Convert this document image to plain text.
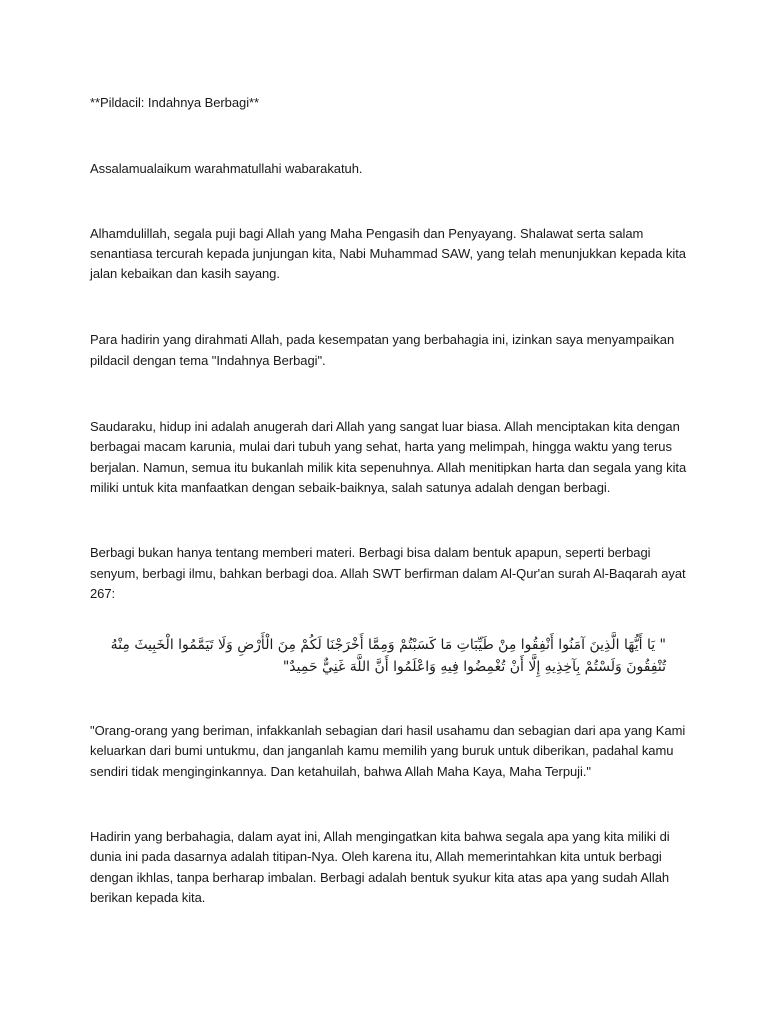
**Pildacil: Indahnya Berbagi**

Assalamualaikum warahmatullahi wabarakatuh.

Alhamdulillah, segala puji bagi Allah yang Maha Pengasih dan Penyayang. Shalawat serta salam senantiasa tercurah kepada junjungan kita, Nabi Muhammad SAW, yang telah menunjukkan kepada kita jalan kebaikan dan kasih sayang.

Para hadirin yang dirahmati Allah, pada kesempatan yang berbahagia ini, izinkan saya menyampaikan pildacil dengan tema "Indahnya Berbagi".

Saudaraku, hidup ini adalah anugerah dari Allah yang sangat luar biasa. Allah menciptakan kita dengan berbagai macam karunia, mulai dari tubuh yang sehat, harta yang melimpah, hingga waktu yang terus berjalan. Namun, semua itu bukanlah milik kita sepenuhnya. Allah menitipkan harta dan segala yang kita miliki untuk kita manfaatkan dengan sebaik-baiknya, salah satunya adalah dengan berbagi.

Berbagi bukan hanya tentang memberi materi. Berbagi bisa dalam bentuk apapun, seperti berbagi senyum, berbagi ilmu, bahkan berbagi doa. Allah SWT berfirman dalam Al-Qur'an surah Al-Baqarah ayat 267:

" يَا أَيُّهَا الَّذِينَ آمَنُوا أَنْفِقُوا مِنْ طَيِّبَاتِ مَا كَسَبْتُمْ وَمِمَّا أَخْرَجْنَا لَكُمْ مِنَ الْأَرْضِ وَلَا تَيَمَّمُوا الْخَبِيثَ مِنْهُ تُنْفِقُونَ وَلَسْتُمْ بِآخِذِيهِ إِلَّا أَنْ تُغْمِضُوا فِيهِ وَاعْلَمُوا أَنَّ اللَّهَ غَنِيٌّ حَمِيدٌ"

"Orang-orang yang beriman, infakkanlah sebagian dari hasil usahamu dan sebagian dari apa yang Kami keluarkan dari bumi untukmu, dan janganlah kamu memilih yang buruk untuk diberikan, padahal kamu sendiri tidak menginginkannya. Dan ketahuilah, bahwa Allah Maha Kaya, Maha Terpuji."

Hadirin yang berbahagia, dalam ayat ini, Allah mengingatkan kita bahwa segala apa yang kita miliki di dunia ini pada dasarnya adalah titipan-Nya. Oleh karena itu, Allah memerintahkan kita untuk berbagi dengan ikhlas, tanpa berharap imbalan. Berbagi adalah bentuk syukur kita atas apa yang sudah Allah berikan kepada kita.
